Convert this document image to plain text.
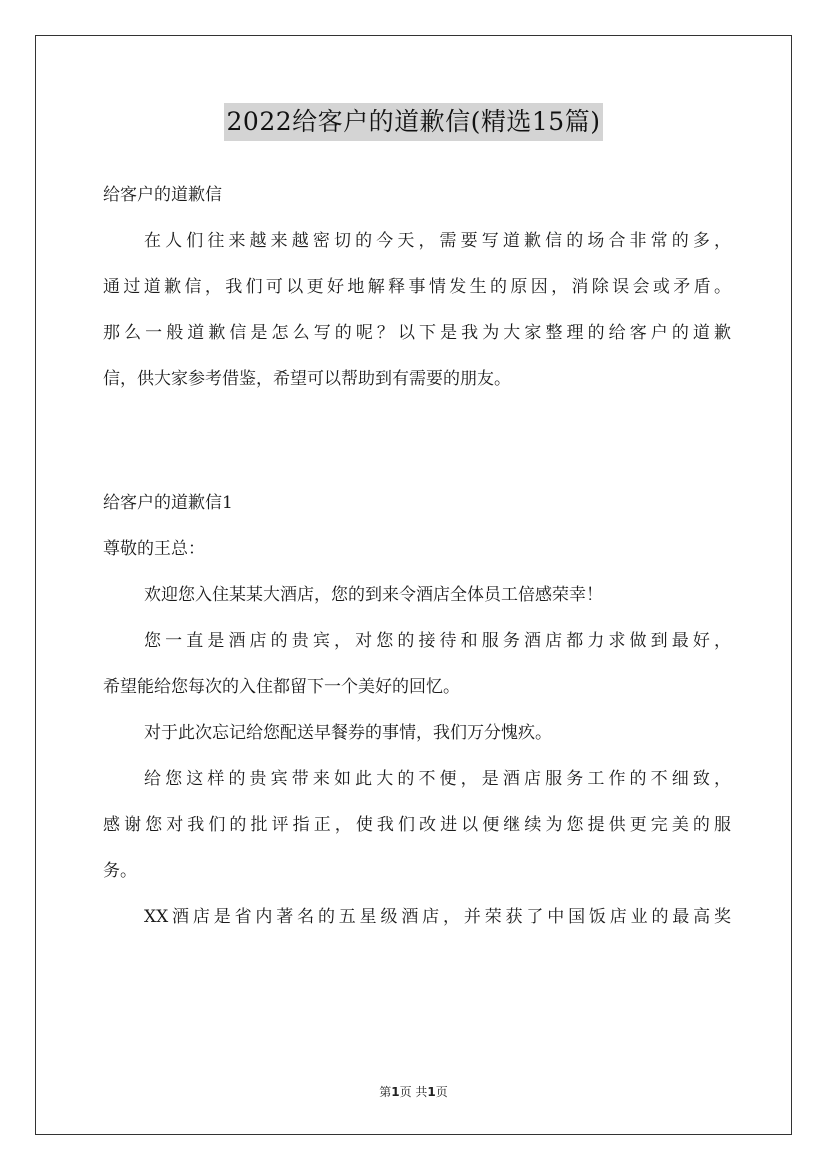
2022给客户的道歉信(精选15篇)
给客户的道歉信
在人们往来越来越密切的今天，需要写道歉信的场合非常的多，
通过道歉信，我们可以更好地解释事情发生的原因，消除误会或矛盾。
那么一般道歉信是怎么写的呢？以下是我为大家整理的给客户的道歉
信，供大家参考借鉴，希望可以帮助到有需要的朋友。
给客户的道歉信1
尊敬的王总：
欢迎您入住某某大酒店，您的到来令酒店全体员工倍感荣幸！
您一直是酒店的贵宾，对您的接待和服务酒店都力求做到最好，
希望能给您每次的入住都留下一个美好的回忆。
对于此次忘记给您配送早餐券的事情，我们万分愧疚。
给您这样的贵宾带来如此大的不便，是酒店服务工作的不细致，
感谢您对我们的批评指正，使我们改进以便继续为您提供更完美的服
务。
XX酒店是省内著名的五星级酒店，并荣获了中国饭店业的最高奖
第1页 共1页
